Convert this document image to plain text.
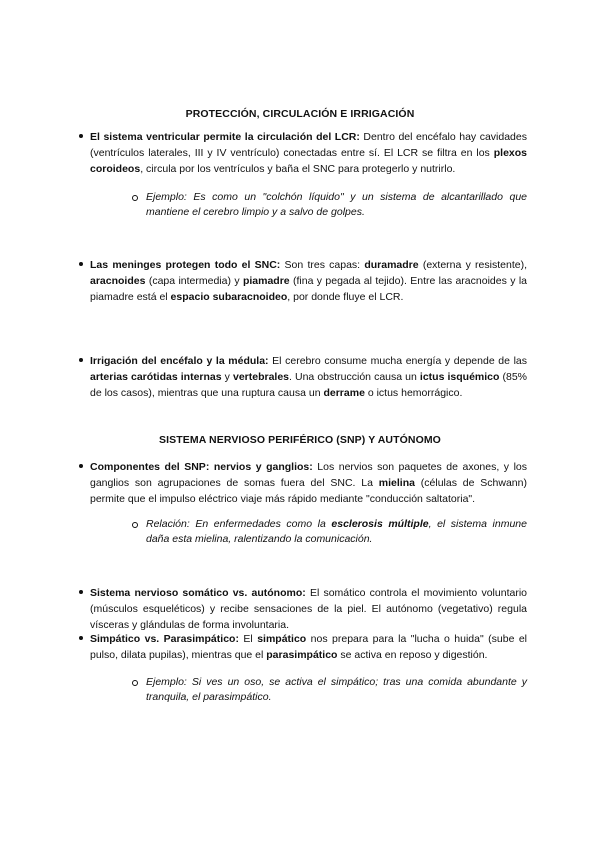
PROTECCIÓN, CIRCULACIÓN E IRRIGACIÓN

El sistema ventricular permite la circulación del LCR: Dentro del encéfalo hay cavidades (ventrículos laterales, III y IV ventrículo) conectadas entre sí. El LCR se filtra en los plexos coroideos, circula por los ventrículos y baña el SNC para protegerlo y nutrirlo.

Ejemplo: Es como un "colchón líquido" y un sistema de alcantarillado que mantiene el cerebro limpio y a salvo de golpes.

Las meninges protegen todo el SNC: Son tres capas: duramadre (externa y resistente), aracnoides (capa intermedia) y piamadre (fina y pegada al tejido). Entre las aracnoides y la piamadre está el espacio subaracnoideo, por donde fluye el LCR.

Irrigación del encéfalo y la médula: El cerebro consume mucha energía y depende de las arterias carótidas internas y vertebrales. Una obstrucción causa un ictus isquémico (85% de los casos), mientras que una ruptura causa un derrame o ictus hemorrágico.

SISTEMA NERVIOSO PERIFÉRICO (SNP) Y AUTÓNOMO

Componentes del SNP: nervios y ganglios: Los nervios son paquetes de axones, y los ganglios son agrupaciones de somas fuera del SNC. La mielina (células de Schwann) permite que el impulso eléctrico viaje más rápido mediante "conducción saltatoria".

Relación: En enfermedades como la esclerosis múltiple, el sistema inmune daña esta mielina, ralentizando la comunicación.

Sistema nervioso somático vs. autónomo: El somático controla el movimiento voluntario (músculos esqueléticos) y recibe sensaciones de la piel. El autónomo (vegetativo) regula vísceras y glándulas de forma involuntaria.

Simpático vs. Parasimpático: El simpático nos prepara para la "lucha o huida" (sube el pulso, dilata pupilas), mientras que el parasimpático se activa en reposo y digestión.

Ejemplo: Si ves un oso, se activa el simpático; tras una comida abundante y tranquila, el parasimpático.
